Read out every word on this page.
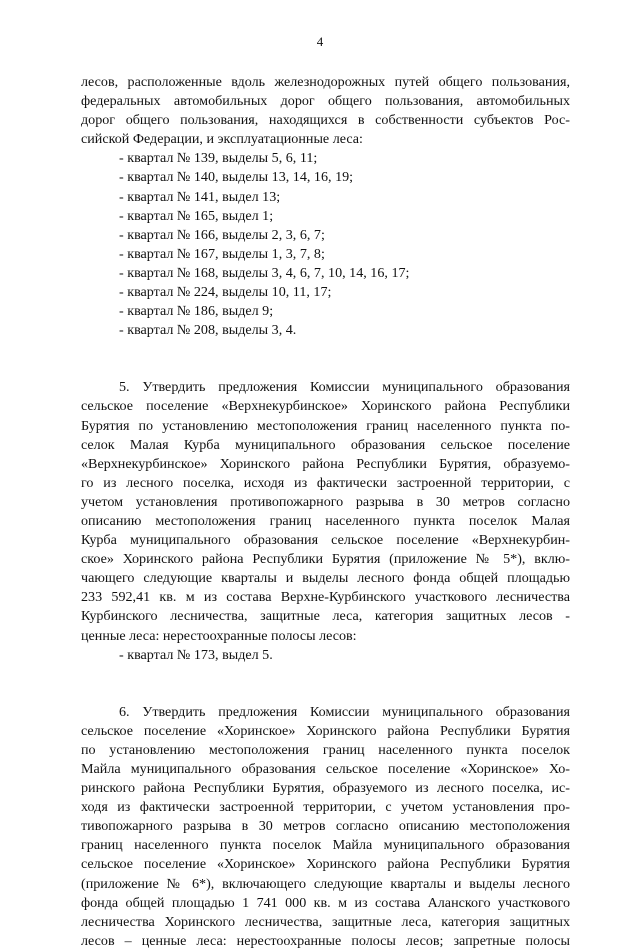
4
лесов, расположенные вдоль железнодорожных путей общего пользования,
федеральных автомобильных дорог общего пользования, автомобильных
дорог общего пользования, находящихся в собственности субъектов Рос-
сийской Федерации, и эксплуатационные леса:
- квартал № 139, выделы 5, 6, 11;
- квартал № 140, выделы 13, 14, 16, 19;
- квартал № 141, выдел 13;
- квартал № 165, выдел 1;
- квартал № 166, выделы 2, 3, 6, 7;
- квартал № 167, выделы 1, 3, 7, 8;
- квартал № 168, выделы 3, 4, 6, 7, 10, 14, 16, 17;
- квартал № 224, выделы 10, 11, 17;
- квартал № 186, выдел 9;
- квартал № 208, выделы 3, 4.
5. Утвердить предложения Комиссии муниципального образования
сельское поселение «Верхнекурбинское» Хоринского района Республики
Бурятия по установлению местоположения границ населенного пункта по-
селок Малая Курба муниципального образования сельское поселение
«Верхнекурбинское» Хоринского района Республики Бурятия, образуемо-
го из лесного поселка, исходя из фактически застроенной территории, с
учетом установления противопожарного разрыва в 30 метров согласно
описанию местоположения границ населенного пункта поселок Малая
Курба муниципального образования сельское поселение «Верхнекурбин-
ское» Хоринского района Республики Бурятия (приложение № 5*), вклю-
чающего следующие кварталы и выделы лесного фонда общей площадью
233 592,41 кв. м из состава Верхне-Курбинского участкового лесничества
Курбинского лесничества, защитные леса, категория защитных лесов -
ценные леса: нерестоохранные полосы лесов:
- квартал № 173, выдел 5.
6. Утвердить предложения Комиссии муниципального образования
сельское поселение «Хоринское» Хоринского района Республики Бурятия
по установлению местоположения границ населенного пункта поселок
Майла муниципального образования сельское поселение «Хоринское» Хо-
ринского района Республики Бурятия, образуемого из лесного поселка, ис-
ходя из фактически застроенной территории, с учетом установления про-
тивопожарного разрыва в 30 метров согласно описанию местоположения
границ населенного пункта поселок Майла муниципального образования
сельское поселение «Хоринское» Хоринского района Республики Бурятия
(приложение № 6*), включающего следующие кварталы и выделы лесного
фонда общей площадью 1 741 000 кв. м из состава Аланского участкового
лесничества Хоринского лесничества, защитные леса, категория защитных
лесов – ценные леса: нерестоохранные полосы лесов; запретные полосы
